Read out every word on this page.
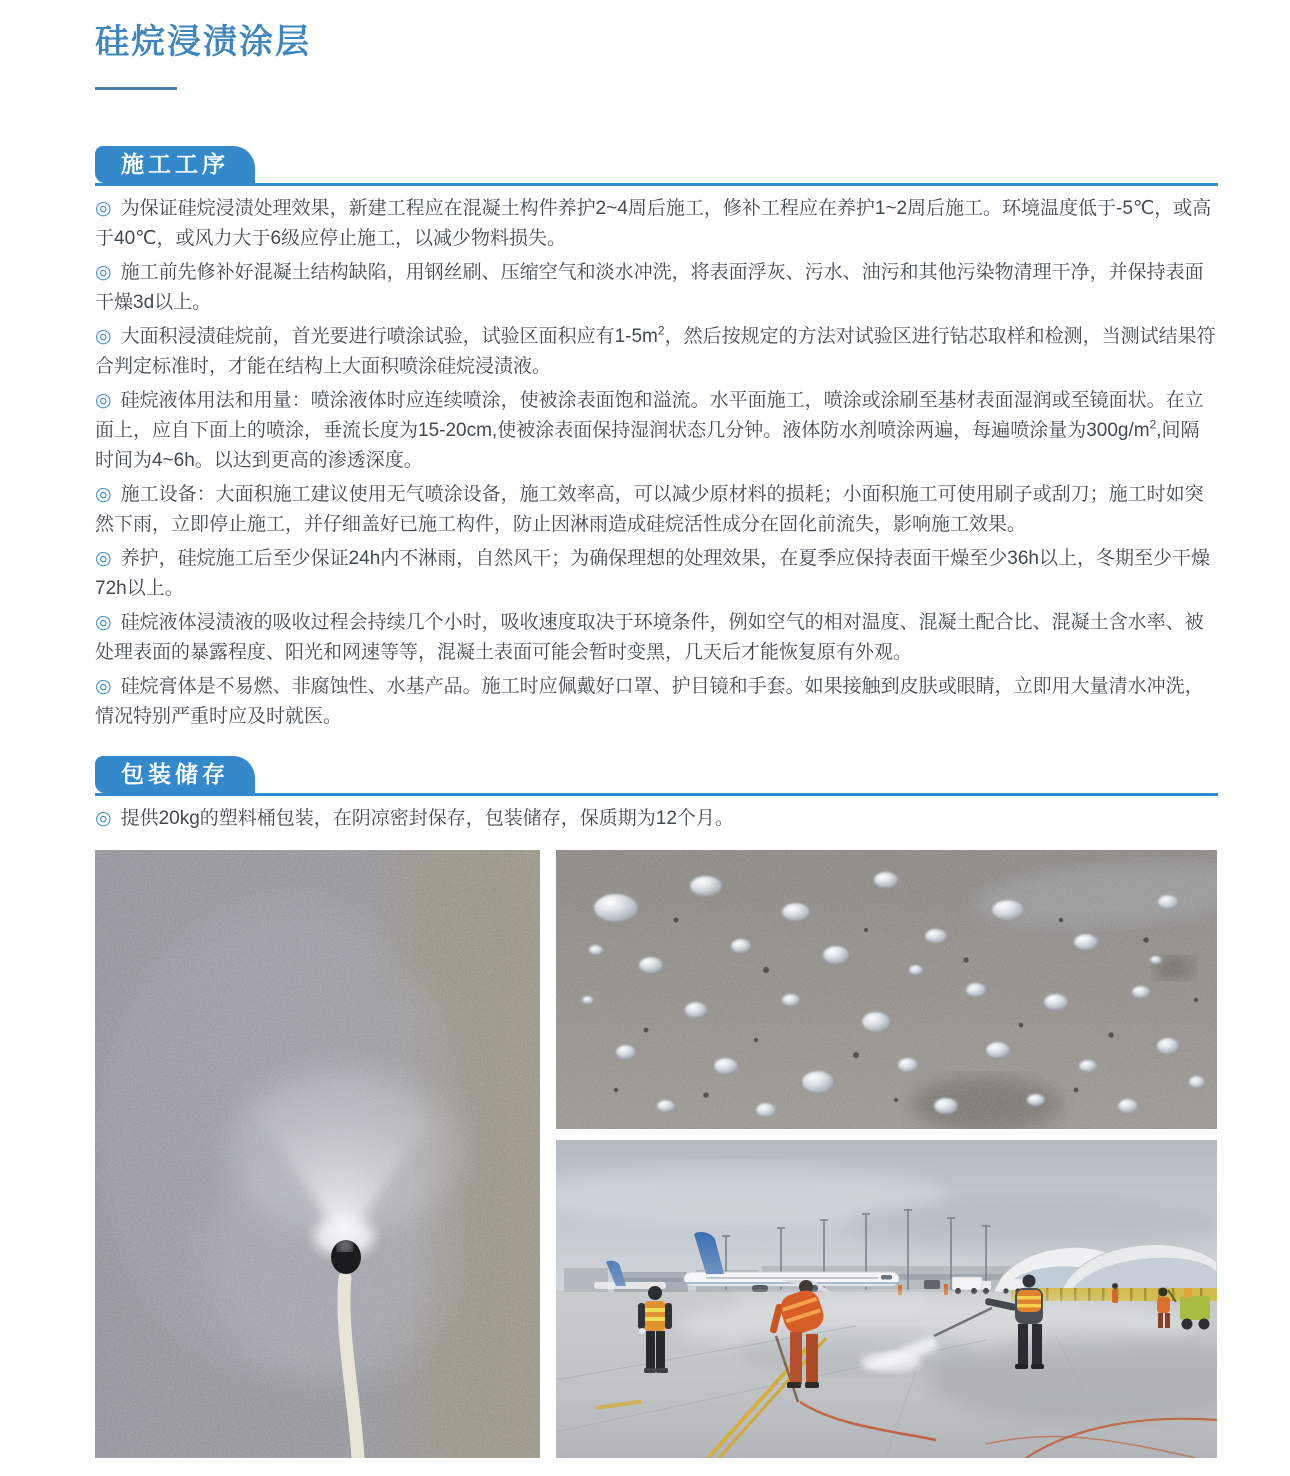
硅烷浸渍涂层
施工工序

◎ 为保证硅烷浸渍处理效果，新建工程应在混凝土构件养护2~4周后施工，修补工程应在养护1~2周后施工。环境温度低于-5℃，或高于40℃，或风力大于6级应停止施工，以减少物料损失。

◎ 施工前先修补好混凝土结构缺陷，用钢丝刷、压缩空气和淡水冲洗，将表面浮灰、污水、油污和其他污染物清理干净，并保持表面干燥3d以上。

◎ 大面积浸渍硅烷前，首光要进行喷涂试验，试验区面积应有$1-5m^2$，然后按规定的方法对试验区进行钻芯取样和检测，当测试结果符合判定标准时，才能在结构上大面积喷涂硅烷浸渍液。

◎ 硅烷液体用法和用量：喷涂液体时应连续喷涂，使被涂表面饱和溢流。水平面施工，喷涂或涂刷至基材表面湿润或至镜面状。在立面上，应自下面上的喷涂，垂流长度为15-20cm,使被涂表面保持湿润状态几分钟。液体防水剂喷涂两遍，每遍喷涂量为$300g/m^2$,间隔时间为4~6h。以达到更高的渗透深度。

◎ 施工设备：大面积施工建议使用无气喷涂设备，施工效率高，可以减少原材料的损耗；小面积施工可使用刷子或刮刀；施工时如突然下雨，立即停止施工，并仔细盖好已施工构件，防止因淋雨造成硅烷活性成分在固化前流失，影响施工效果。

◎ 养护，硅烷施工后至少保证24h内不淋雨，自然风干；为确保理想的处理效果，在夏季应保持表面干燥至少36h以上，冬期至少干燥72h以上。

◎ 硅烷液体浸渍液的吸收过程会持续几个小时，吸收速度取决于环境条件，例如空气的相对温度、混凝土配合比、混凝土含水率、被处理表面的暴露程度、阳光和网速等等，混凝土表面可能会暂时变黑，几天后才能恢复原有外观。

◎ 硅烷膏体是不易燃、非腐蚀性、水基产品。施工时应佩戴好口罩、护目镜和手套。如果接触到皮肤或眼睛，立即用大量清水冲洗，情况特别严重时应及时就医。

包装储存

◎ 提供20kg的塑料桶包装，在阴凉密封保存，包装储存，保质期为12个月。
